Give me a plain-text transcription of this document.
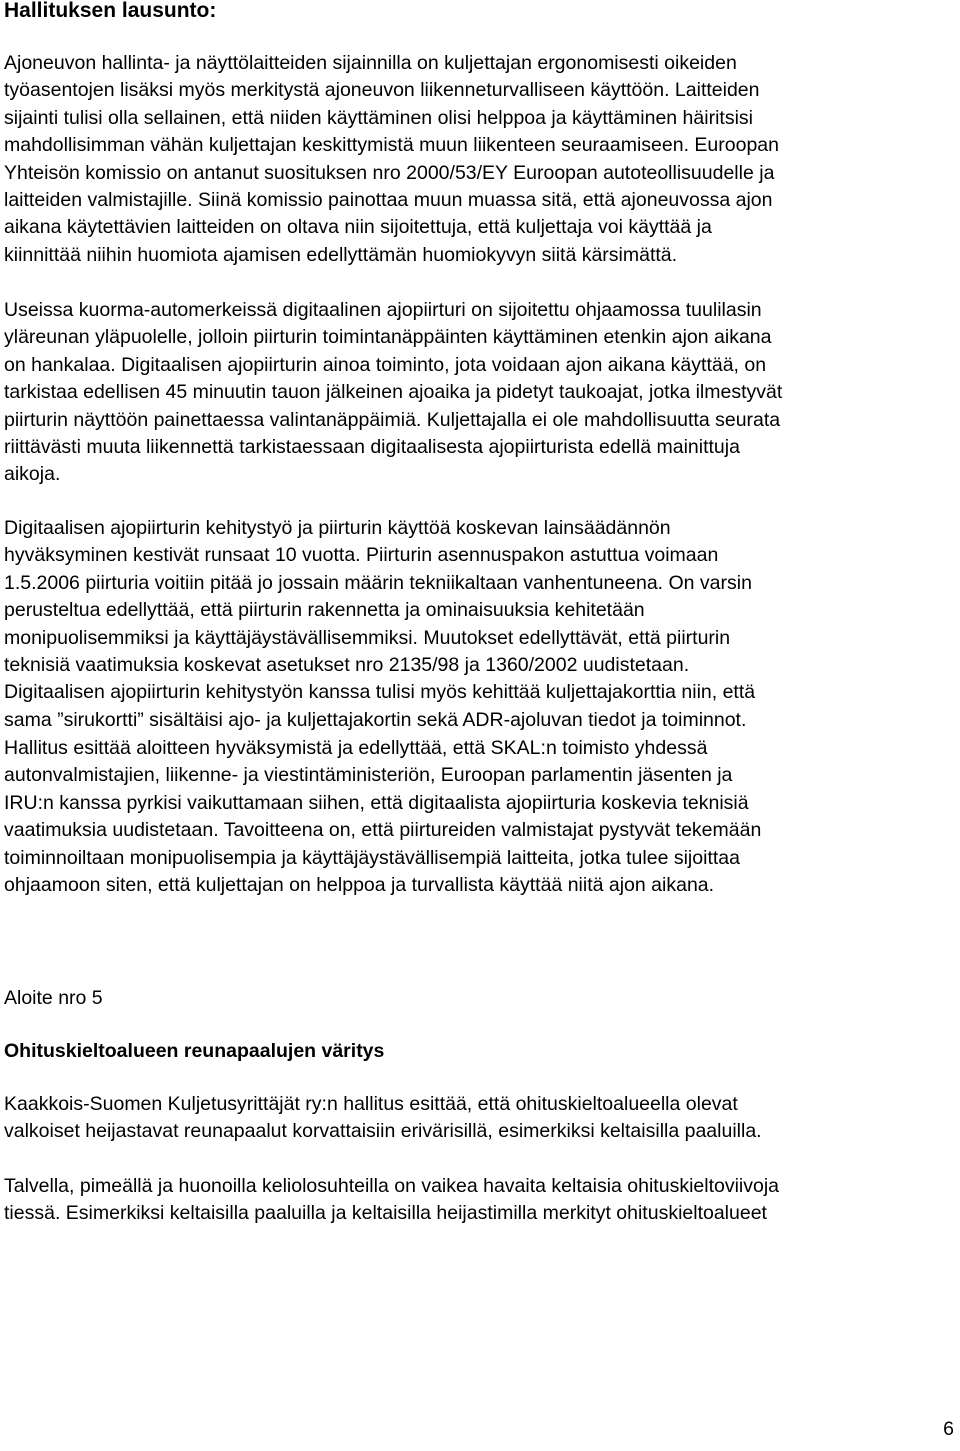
Hallituksen lausunto:
Ajoneuvon hallinta- ja näyttölaitteiden sijainnilla on kuljettajan ergonomisesti oikeiden
työasentojen lisäksi myös merkitystä ajoneuvon liikenneturvalliseen käyttöön. Laitteiden
sijainti tulisi olla sellainen, että niiden käyttäminen olisi helppoa ja käyttäminen häiritsisi
mahdollisimman vähän kuljettajan keskittymistä muun liikenteen seuraamiseen. Euroopan
Yhteisön komissio on antanut suosituksen nro 2000/53/EY Euroopan autoteollisuudelle ja
laitteiden valmistajille. Siinä komissio painottaa muun muassa sitä, että ajoneuvossa ajon
aikana käytettävien laitteiden on oltava niin sijoitettuja, että kuljettaja voi käyttää ja
kiinnittää niihin huomiota ajamisen edellyttämän huomiokyvyn siitä kärsimättä.
Useissa kuorma-automerkeissä digitaalinen ajopiirturi on sijoitettu ohjaamossa tuulilasin
yläreunan yläpuolelle, jolloin piirturin toimintanäppäinten käyttäminen etenkin ajon aikana
on hankalaa. Digitaalisen ajopiirturin ainoa toiminto, jota voidaan ajon aikana käyttää, on
tarkistaa edellisen 45 minuutin tauon jälkeinen ajoaika ja pidetyt taukoajat, jotka ilmestyvät
piirturin näyttöön painettaessa valintanäppäimiä. Kuljettajalla ei ole mahdollisuutta seurata
riittävästi muuta liikennettä tarkistaessaan digitaalisesta ajopiirturista edellä mainittuja
aikoja.
Digitaalisen ajopiirturin kehitystyö ja piirturin käyttöä koskevan lainsäädännön
hyväksyminen kestivät runsaat 10 vuotta. Piirturin asennuspakon astuttua voimaan
1.5.2006 piirturia voitiin pitää jo jossain määrin tekniikaltaan vanhentuneena. On varsin
perusteltua edellyttää, että piirturin rakennetta ja ominaisuuksia kehitetään
monipuolisemmiksi ja käyttäjäystävällisemmiksi. Muutokset edellyttävät, että piirturin
teknisiä vaatimuksia koskevat asetukset nro 2135/98 ja 1360/2002 uudistetaan.
Digitaalisen ajopiirturin kehitystyön kanssa tulisi myös kehittää kuljettajakorttia niin, että
sama ”sirukortti” sisältäisi ajo- ja kuljettajakortin sekä ADR-ajoluvan tiedot ja toiminnot.
Hallitus esittää aloitteen hyväksymistä ja edellyttää, että SKAL:n toimisto yhdessä
autonvalmistajien, liikenne- ja viestintäministeriön, Euroopan parlamentin jäsenten ja
IRU:n kanssa pyrkisi vaikuttamaan siihen, että digitaalista ajopiirturia koskevia teknisiä
vaatimuksia uudistetaan. Tavoitteena on, että piirtureiden valmistajat pystyvät tekemään
toiminnoiltaan monipuolisempia ja käyttäjäystävällisempiä laitteita, jotka tulee sijoittaa
ohjaamoon siten, että kuljettajan on helppoa ja turvallista käyttää niitä ajon aikana.
Aloite nro 5
Ohituskieltoalueen reunapaalujen väritys
Kaakkois-Suomen Kuljetusyrittäjät ry:n hallitus esittää, että ohituskieltoalueella olevat
valkoiset heijastavat reunapaalut korvattaisiin erivärisillä, esimerkiksi keltaisilla paaluilla.
Talvella, pimeällä ja huonoilla keliolosuhteilla on vaikea havaita keltaisia ohituskieltoviivoja
tiessä. Esimerkiksi keltaisilla paaluilla ja keltaisilla heijastimilla merkityt ohituskieltoalueet
6
